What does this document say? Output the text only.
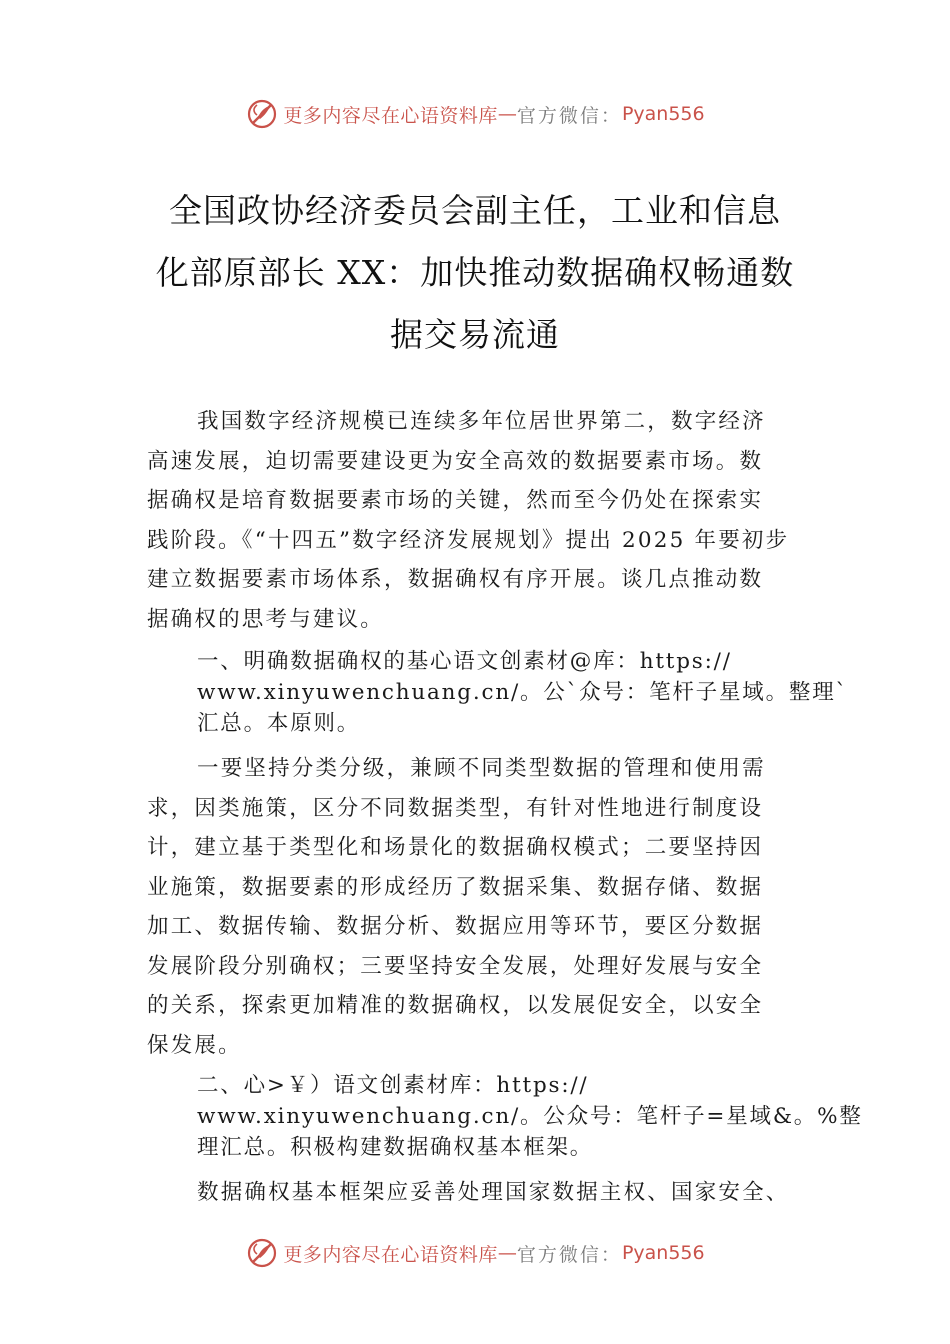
更多内容尽在心语资料库 — 官方微信： Pyan556
全国政协经济委员会副主任，工业和信息
化部原部长 XX：加快推动数据确权畅通数
据交易流通
我国数字经济规模已连续多年位居世界第二，数字经济
高速发展，迫切需要建设更为安全高效的数据要素市场。数
据确权是培育数据要素市场的关键，然而至今仍处在探索实
践阶段。《“十四五”数字经济发展规划》提出 2025 年要初步
建立数据要素市场体系，数据确权有序开展。谈几点推动数
据确权的思考与建议。
一、明确数据确权的基心语文创素材@库：https://
www.xinyuwenchuang.cn/。公`众号：笔杆子星域。整理`
汇总。本原则。
一要坚持分类分级，兼顾不同类型数据的管理和使用需
求，因类施策，区分不同数据类型，有针对性地进行制度设
计，建立基于类型化和场景化的数据确权模式；二要坚持因
业施策，数据要素的形成经历了数据采集、数据存储、数据
加工、数据传输、数据分析、数据应用等环节，要区分数据
发展阶段分别确权；三要坚持安全发展，处理好发展与安全
的关系，探索更加精准的数据确权，以发展促安全，以安全
保发展。
二、心>￥）语文创素材库：https://
www.xinyuwenchuang.cn/。公众号：笔杆子=星域&。%整
理汇总。积极构建数据确权基本框架。
数据确权基本框架应妥善处理国家数据主权、国家安全、
更多内容尽在心语资料库 — 官方微信： Pyan556
